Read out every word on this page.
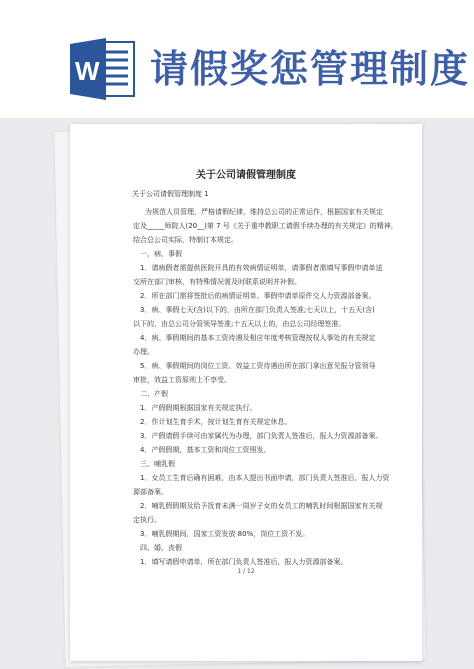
W 请假奖惩管理制度
关于公司请假管理制度
关于公司请假管理制度 1
为规范人员管理，严格请假纪律，维持总公司的正常运作，根据国家有关规定
定及_____师院人(20__)第 7 号《关于重申教职工请假手续办理的有关规定》的精神，
结合总公司实际，特制订本规定。
一、病、事假
1．请病假者需提供医院开具的有效病情证明单，请事假者需填写事假申请单送
交所在部门审核，有特殊情况需及时联系说明并补假。
2．所在部门需将签批后的病情证明单、事假申请单原件交人力资源部备案。
3．病、事假七天(含)以下的，由所在部门负责人签准;七天以上，十五天(含)
以下的，由总公司分管领导签准;十五天以上的，由总公司经理签准。
4．病、事假期间的基本工资待遇及相应年度考核管理按权人事处的有关规定
办理。
5．病、事假期间的岗位工资、效益工资待遇由所在部门拿出意见报分管领导
审批，效益工资原则上不享受。
二、产假
1．产假假期根据国家有关规定执行。
2．作计划生育手术，按计划生育有关规定休息。
3．产假请假手续可由家属代为办理，部门负责人签准后，报人力资源部备案。
4．产假假期，基本工资和岗位工资照发。
三、哺乳假
1．女员工生育后确有困难，由本人提出书面申请，部门负责人签准后，报人力资
源部备案。
2．哺乳假假期及给予抚育未满一周岁子女的女员工的哺乳时间根据国家有关规
定执行。
3．哺乳假期间，国家工资发放 80%，岗位工资不发。
四、婚、丧假
1．填写请假申请单，所在部门负责人签准后，报人力资源部备案。
1 / 12
